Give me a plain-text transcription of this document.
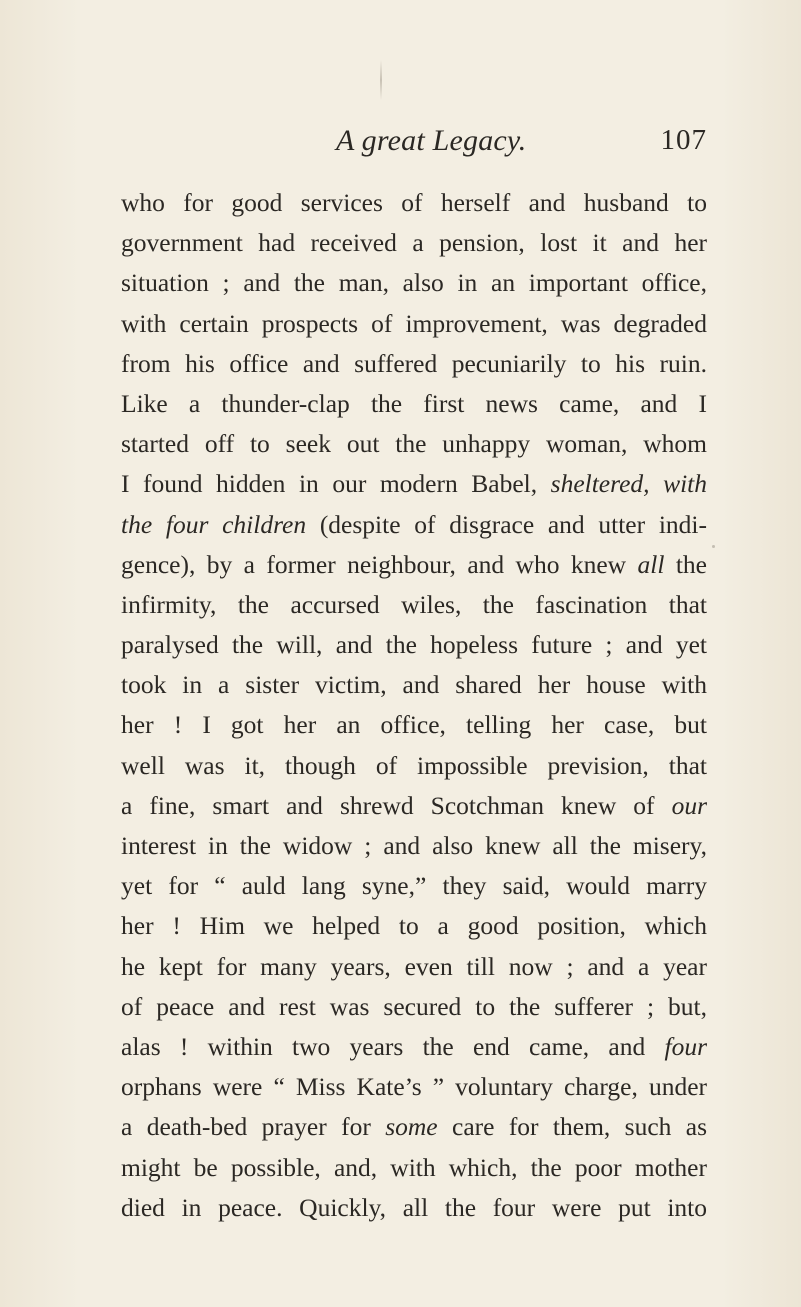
A great Legacy.	107
who for good services of herself and husband to
government had received a pension, lost it and her
situation ; and the man, also in an important office,
with certain prospects of improvement, was degraded
from his office and suffered pecuniarily to his ruin.
Like a thunder-clap the first news came, and I
started off to seek out the unhappy woman, whom
I found hidden in our modern Babel, sheltered, with
the four children (despite of disgrace and utter indi-
gence), by a former neighbour, and who knew all the
infirmity, the accursed wiles, the fascination that
paralysed the will, and the hopeless future ; and yet
took in a sister victim, and shared her house with
her ! I got her an office, telling her case, but
well was it, though of impossible prevision, that
a fine, smart and shrewd Scotchman knew of our
interest in the widow ; and also knew all the misery,
yet for “ auld lang syne,” they said, would marry
her ! Him we helped to a good position, which
he kept for many years, even till now ; and a year
of peace and rest was secured to the sufferer ; but,
alas ! within two years the end came, and four
orphans were “ Miss Kate’s ” voluntary charge, under
a death-bed prayer for some care for them, such as
might be possible, and, with which, the poor mother
died in peace. Quickly, all the four were put into
